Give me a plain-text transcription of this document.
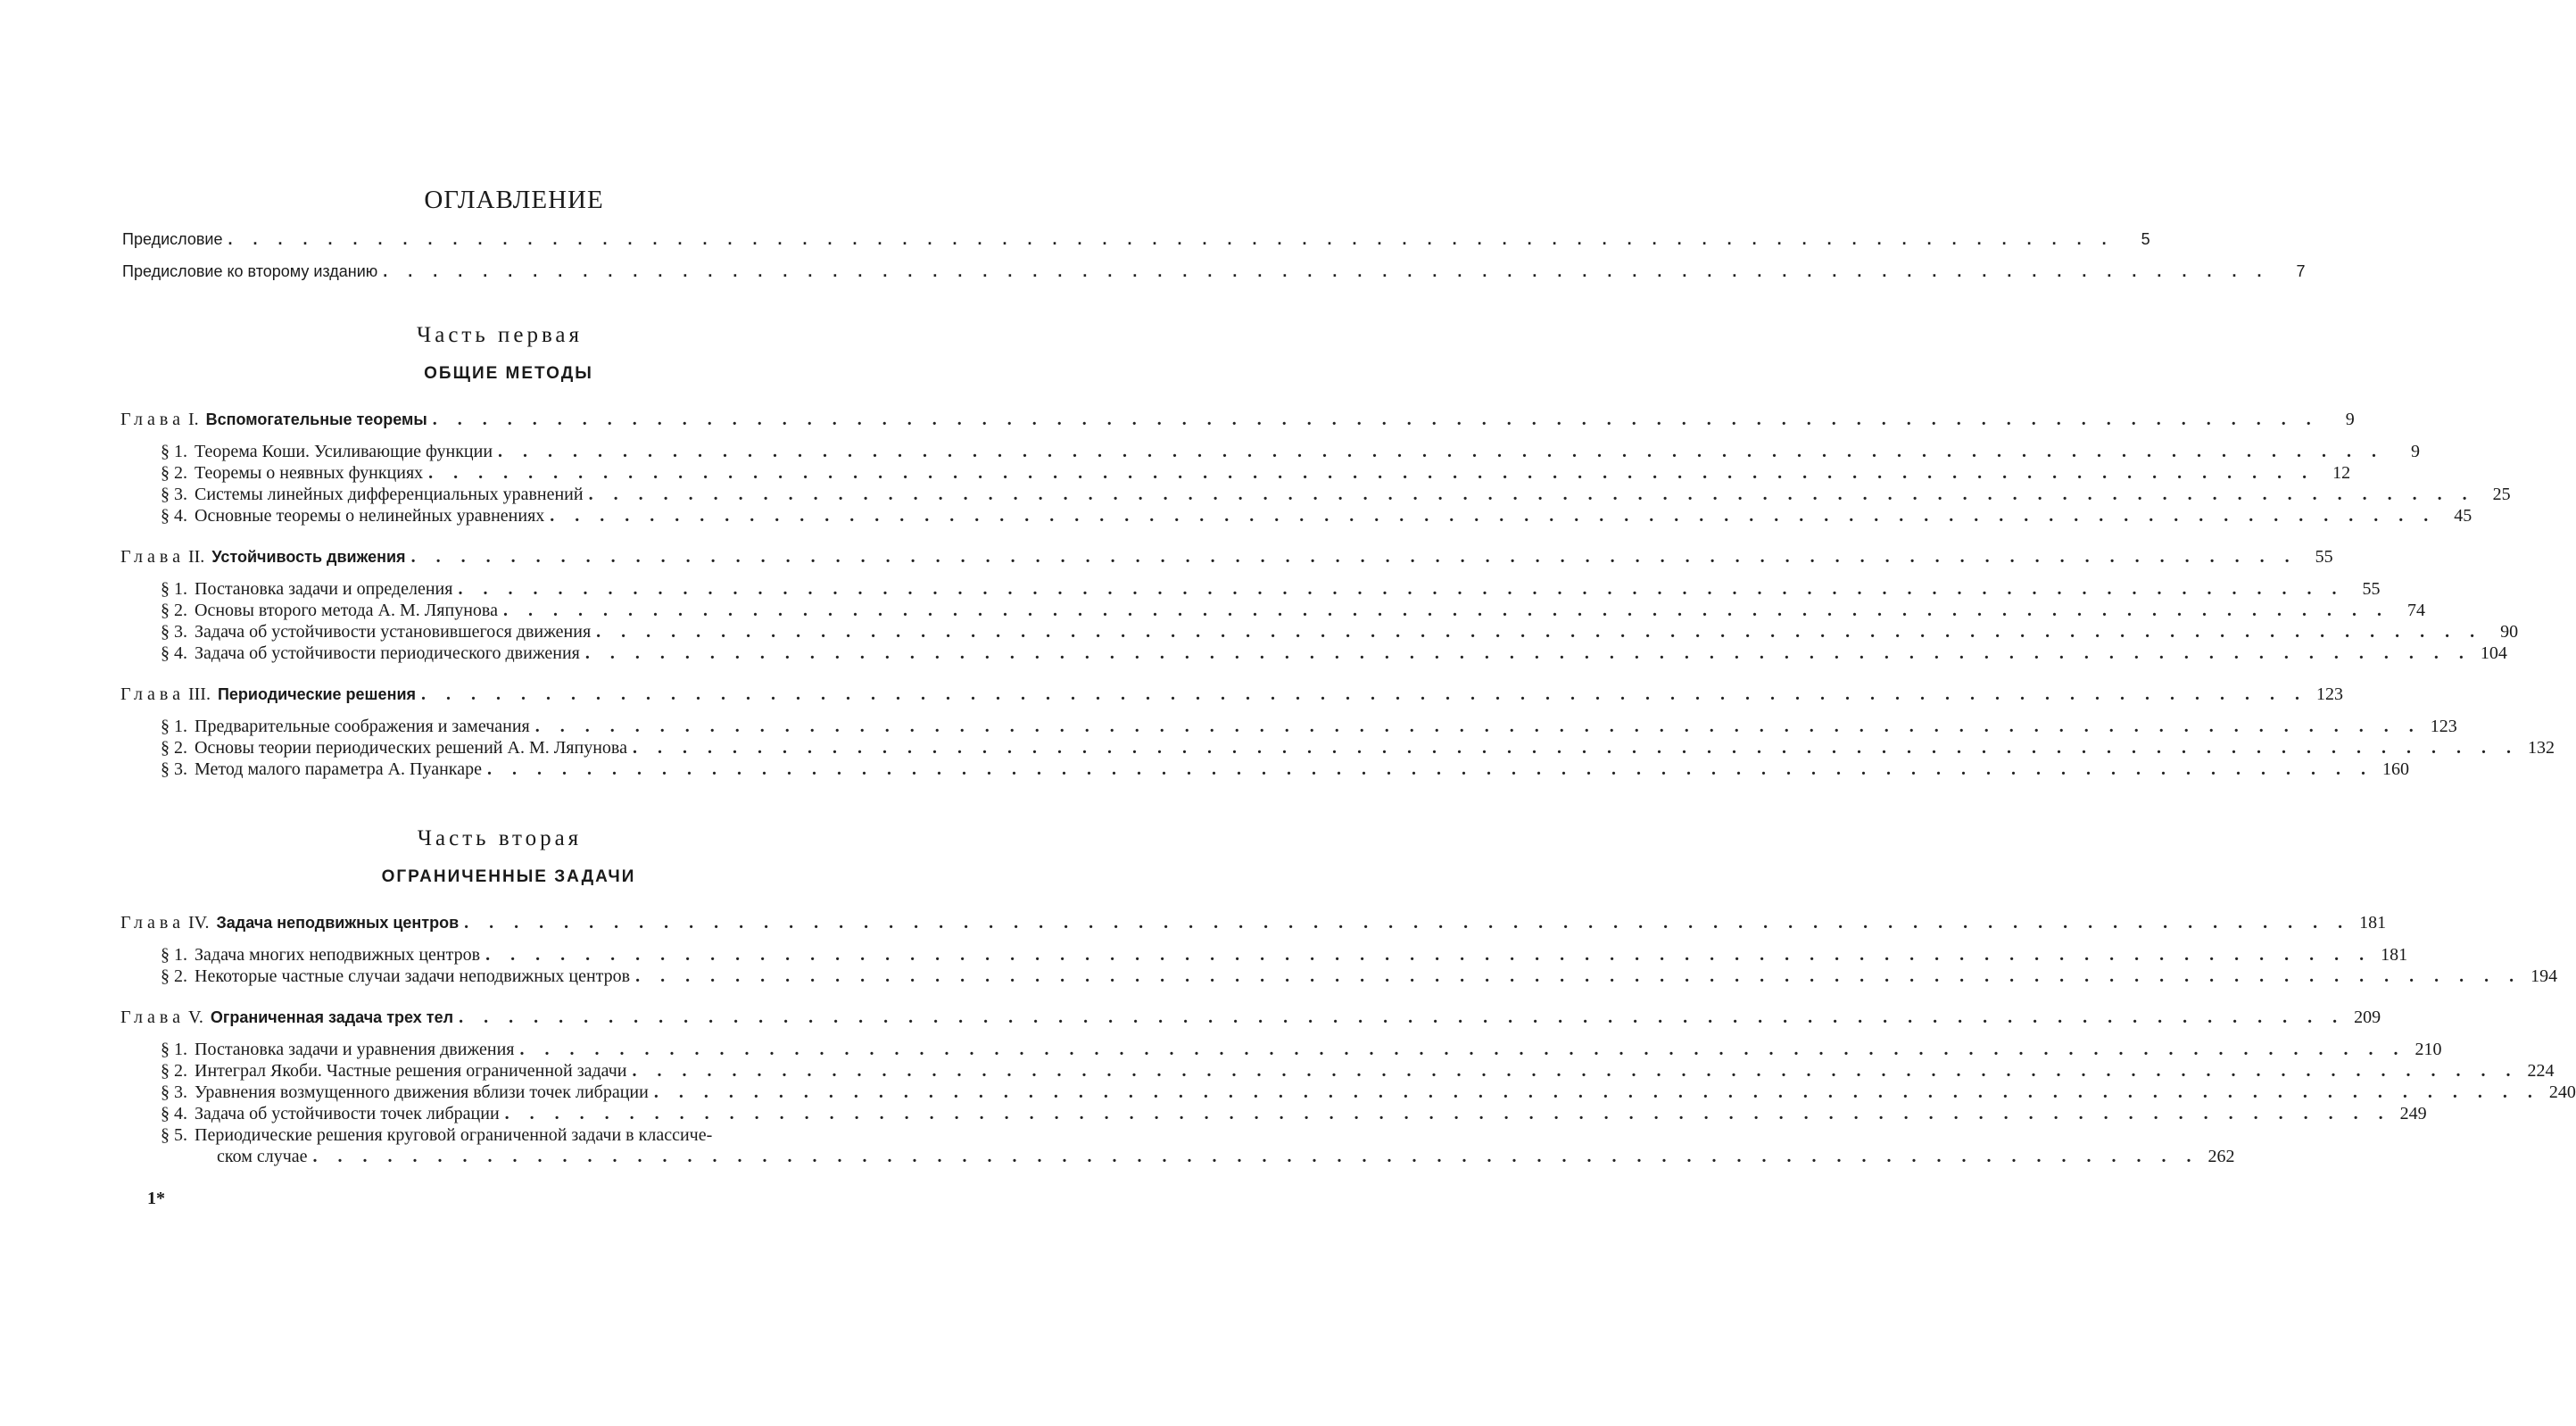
ОГЛАВЛЕНИЕ
Предисловие . . . . . . . . . . . . . . . . . . . . . . . . . . . . . . . . . . . . . . . . . . . . . . . . . . . . . . . . . . . . . . . . . . . . . . . . . . . .	5
Предисловие ко второму изданию . . . . . . . . . . . . . . . . . . . . . . . . . . . . . . . . . . . . . . . . . . . . . . . . . . . . . . . . . . . . . . . . . . . . . . . . . . . .	7
Часть первая
ОБЩИЕ МЕТОДЫ
Глава I. Вспомогательные теоремы . . . . . . . . . . . . . . . . . . . . . . . . . . . . . . . . . . . . . . . . . . . . . . . . . . . . . . . . . . . . . . . . . . . . . . . . . . . .	9
§ 1. Теорема Коши. Усиливающие функции . . . . . . . . . . . . . . . . . . . . . . . . . . . . . . . . . . . . . . . . . . . . . . . . . . . . . . . . . . . . . . . . . . . . . . . . . . . .	9
§ 2. Теоремы о неявных функциях . . . . . . . . . . . . . . . . . . . . . . . . . . . . . . . . . . . . . . . . . . . . . . . . . . . . . . . . . . . . . . . . . . . . . . . . . . . .	12
§ 3. Системы линейных дифференциальных уравнений . . . . . . . . . . . . . . . . . . . . . . . . . . . . . . . . . . . . . . . . . . . . . . . . . . . . . . . . . . . . . . . . . . . . . . . . . . . .	25
§ 4. Основные теоремы о нелинейных уравнениях . . . . . . . . . . . . . . . . . . . . . . . . . . . . . . . . . . . . . . . . . . . . . . . . . . . . . . . . . . . . . . . . . . . . . . . . . . . .	45
Глава II. Устойчивость движения . . . . . . . . . . . . . . . . . . . . . . . . . . . . . . . . . . . . . . . . . . . . . . . . . . . . . . . . . . . . . . . . . . . . . . . . . . . .	55
§ 1. Постановка задачи и определения . . . . . . . . . . . . . . . . . . . . . . . . . . . . . . . . . . . . . . . . . . . . . . . . . . . . . . . . . . . . . . . . . . . . . . . . . . . .	55
§ 2. Основы второго метода А. М. Ляпунова . . . . . . . . . . . . . . . . . . . . . . . . . . . . . . . . . . . . . . . . . . . . . . . . . . . . . . . . . . . . . . . . . . . . . . . . . . . .	74
§ 3. Задача об устойчивости установившегося движения . . . . . . . . . . . . . . . . . . . . . . . . . . . . . . . . . . . . . . . . . . . . . . . . . . . . . . . . . . . . . . . . . . . . . . . . . . . .	90
§ 4. Задача об устойчивости периодического движения . . . . . . . . . . . . . . . . . . . . . . . . . . . . . . . . . . . . . . . . . . . . . . . . . . . . . . . . . . . . . . . . . . . . . . . . . . . . 104
Глава III. Периодические решения . . . . . . . . . . . . . . . . . . . . . . . . . . . . . . . . . . . . . . . . . . . . . . . . . . . . . . . . . . . . . . . . . . . . . . . . . . . . 123
§ 1. Предварительные соображения и замечания . . . . . . . . . . . . . . . . . . . . . . . . . . . . . . . . . . . . . . . . . . . . . . . . . . . . . . . . . . . . . . . . . . . . . . . . . . . . 123
§ 2. Основы теории периодических решений А. М. Ляпунова . . . . . . . . . . . . . . . . . . . . . . . . . . . . . . . . . . . . . . . . . . . . . . . . . . . . . . . . . . . . . . . . . . . . . . . . . . . . 132
§ 3. Метод малого параметра А. Пуанкаре . . . . . . . . . . . . . . . . . . . . . . . . . . . . . . . . . . . . . . . . . . . . . . . . . . . . . . . . . . . . . . . . . . . . . . . . . . . . 160
Часть вторая
ОГРАНИЧЕННЫЕ ЗАДАЧИ
Глава IV. Задача неподвижных центров . . . . . . . . . . . . . . . . . . . . . . . . . . . . . . . . . . . . . . . . . . . . . . . . . . . . . . . . . . . . . . . . . . . . . . . . . . . . 181
§ 1. Задача многих неподвижных центров . . . . . . . . . . . . . . . . . . . . . . . . . . . . . . . . . . . . . . . . . . . . . . . . . . . . . . . . . . . . . . . . . . . . . . . . . . . . 181
§ 2. Некоторые частные случаи задачи неподвижных центров . . . . . . . . . . . . . . . . . . . . . . . . . . . . . . . . . . . . . . . . . . . . . . . . . . . . . . . . . . . . . . . . . . . . . . . . . . . . 194
Глава V. Ограниченная задача трех тел . . . . . . . . . . . . . . . . . . . . . . . . . . . . . . . . . . . . . . . . . . . . . . . . . . . . . . . . . . . . . . . . . . . . . . . . . . . . 209
§ 1. Постановка задачи и уравнения движения . . . . . . . . . . . . . . . . . . . . . . . . . . . . . . . . . . . . . . . . . . . . . . . . . . . . . . . . . . . . . . . . . . . . . . . . . . . . 210
§ 2. Интеграл Якоби. Частные решения ограниченной задачи . . . . . . . . . . . . . . . . . . . . . . . . . . . . . . . . . . . . . . . . . . . . . . . . . . . . . . . . . . . . . . . . . . . . . . . . . . . . 224
§ 3. Уравнения возмущенного движения вблизи точек либрации . . . . . . . . . . . . . . . . . . . . . . . . . . . . . . . . . . . . . . . . . . . . . . . . . . . . . . . . . . . . . . . . . . . . . . . . . . . . 240
§ 4. Задача об устойчивости точек либрации . . . . . . . . . . . . . . . . . . . . . . . . . . . . . . . . . . . . . . . . . . . . . . . . . . . . . . . . . . . . . . . . . . . . . . . . . . . . 249
§ 5. Периодические решения круговой ограниченной задачи в классиче-
ском случае . . . . . . . . . . . . . . . . . . . . . . . . . . . . . . . . . . . . . . . . . . . . . . . . . . . . . . . . . . . . . . . . . . . . . . . . . . . . 262
1*
